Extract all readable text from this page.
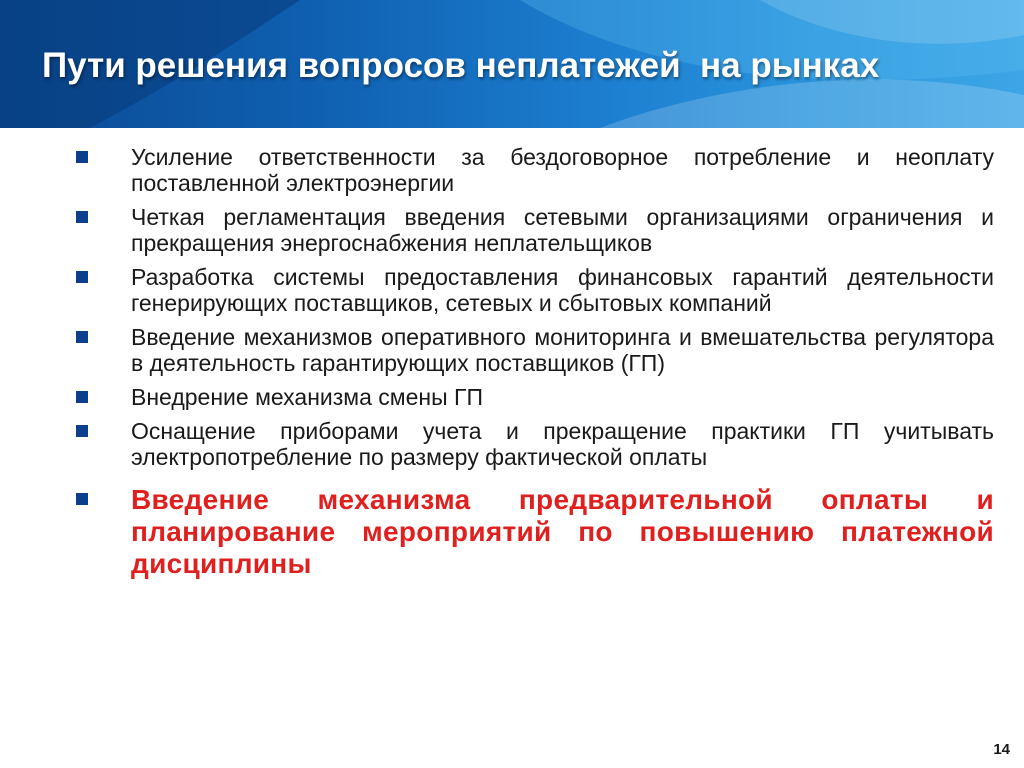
Пути решения вопросов неплатежей  на рынках
Усиление ответственности за бездоговорное потребление и неоплату поставленной электроэнергии
Четкая регламентация введения сетевыми организациями ограничения и прекращения энергоснабжения неплательщиков
Разработка системы предоставления финансовых гарантий деятельности генерирующих поставщиков, сетевых и сбытовых компаний
Введение механизмов оперативного мониторинга и вмешательства регулятора в деятельность гарантирующих поставщиков (ГП)
Внедрение механизма смены ГП
Оснащение приборами учета и прекращение практики ГП учитывать электропотребление по размеру фактической оплаты
Введение механизма предварительной оплаты и планирование мероприятий по повышению платежной дисциплины
14
